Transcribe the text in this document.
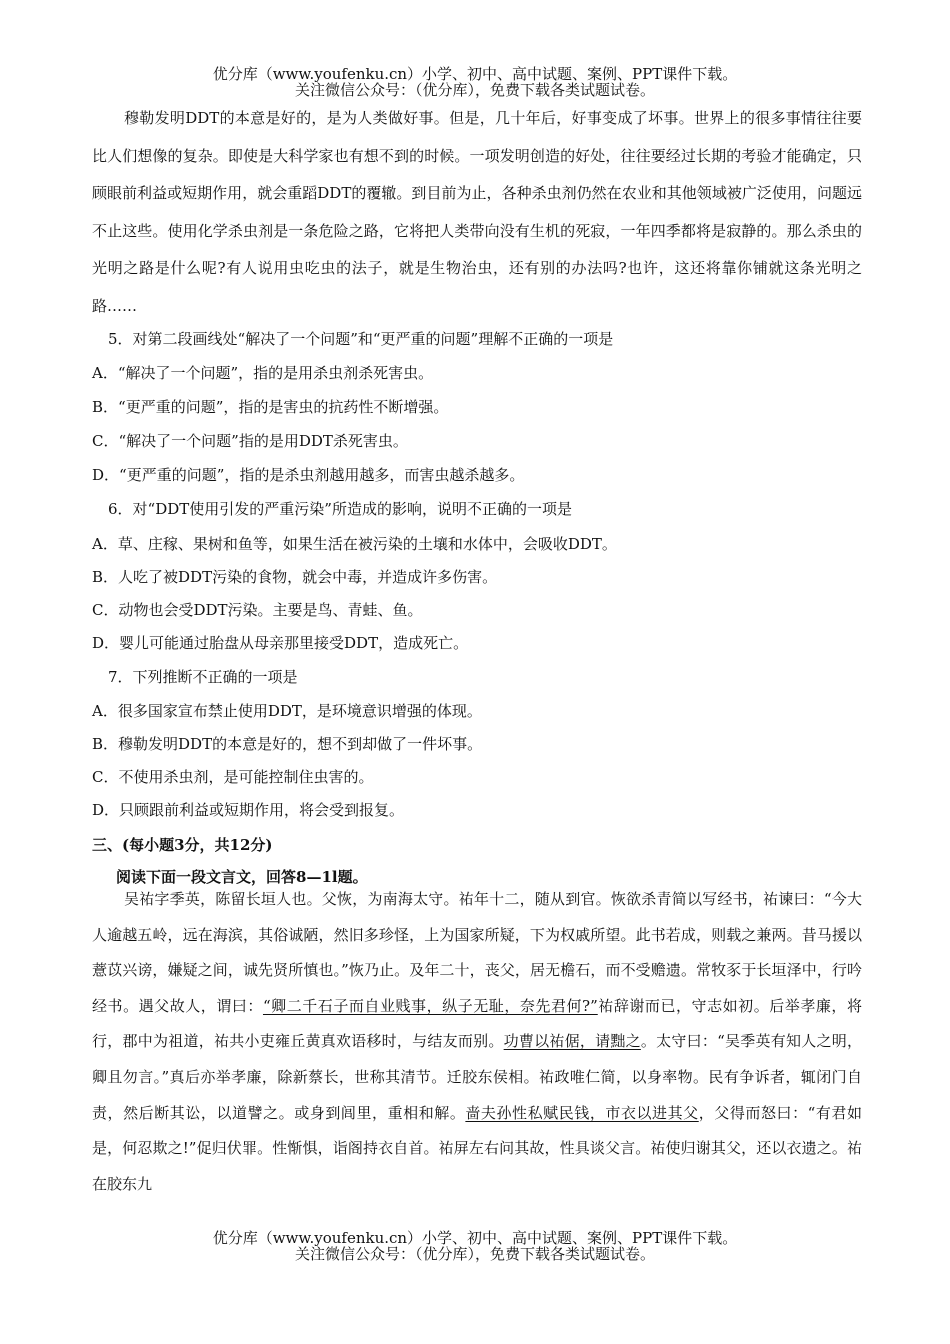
优分库（www.youfenku.cn）小学、初中、高中试题、案例、PPT课件下载。
关注微信公众号：（优分库），免费下载各类试题试卷。
穆勒发明DDT的本意是好的，是为人类做好事。但是，几十年后，好事变成了坏事。世界上的很多事情往往要比人们想像的复杂。即使是大科学家也有想不到的时候。一项发明创造的好处，往往要经过长期的考验才能确定，只顾眼前利益或短期作用，就会重蹈DDT的覆辙。到目前为止，各种杀虫剂仍然在农业和其他领域被广泛使用，问题远不止这些。使用化学杀虫剂是一条危险之路，它将把人类带向没有生机的死寂，一年四季都将是寂静的。那么杀虫的光明之路是什么呢?有人说用虫吃虫的法子，就是生物治虫，还有别的办法吗?也许，这还将靠你铺就这条光明之路……
5．对第二段画线处“解决了一个问题”和“更严重的问题”理解不正确的一项是
A．“解决了一个问题”，指的是用杀虫剂杀死害虫。
B．“更严重的问题”，指的是害虫的抗药性不断增强。
C．“解决了一个问题”指的是用DDT杀死害虫。
D．“更严重的问题”，指的是杀虫剂越用越多，而害虫越杀越多。
6．对“DDT使用引发的严重污染”所造成的影响，说明不正确的一项是
A．草、庄稼、果树和鱼等，如果生活在被污染的土壤和水体中，会吸收DDT。
B．人吃了被DDT污染的食物，就会中毒，并造成许多伤害。
C．动物也会受DDT污染。主要是鸟、青蛙、鱼。
D．婴儿可能通过胎盘从母亲那里接受DDT，造成死亡。
7．下列推断不正确的一项是
A．很多国家宣布禁止使用DDT，是环境意识增强的体现。
B．穆勒发明DDT的本意是好的，想不到却做了一件坏事。
C．不使用杀虫剂，是可能控制住虫害的。
D．只顾跟前利益或短期作用，将会受到报复。
三、(每小题3分，共12分)
阅读下面一段文言文，回答8—1l题。
吴祐字季英，陈留长垣人也。父恢，为南海太守。祐年十二，随从到官。恢欲杀青简以写经书，祐谏曰：“今大人逾越五岭，远在海滨，其俗诚陋，然旧多珍怪，上为国家所疑，下为权戚所望。此书若成，则载之兼两。昔马援以薏苡兴谤，嫌疑之间，诚先贤所慎也。”恢乃止。及年二十，丧父，居无檐石，而不受赡遗。常牧豕于长垣泽中，行吟经书。遇父故人，谓曰：“卿二千石子而自业贱事，纵子无耻，奈先君何?”祐辞谢而已，守志如初。后举孝廉，将行，郡中为祖道，祐共小吏雍丘黄真欢语移时，与结友而别。功曹以祐倨，请黜之。太守曰：“吴季英有知人之明，卿且勿言。”真后亦举孝廉，除新蔡长，世称其清节。迁胶东侯相。祐政唯仁简，以身率物。民有争诉者，辄闭门自责，然后断其讼，以道譬之。或身到闾里，重相和解。啬夫孙性私赋民钱，市衣以进其父，父得而怒曰：“有君如是，何忍欺之!”促归伏罪。性惭惧，诣阁持衣自首。祐屏左右问其故，性具谈父言。祐使归谢其父，还以衣遗之。祐在胶东九
优分库（www.youfenku.cn）小学、初中、高中试题、案例、PPT课件下载。
关注微信公众号：（优分库），免费下载各类试题试卷。
